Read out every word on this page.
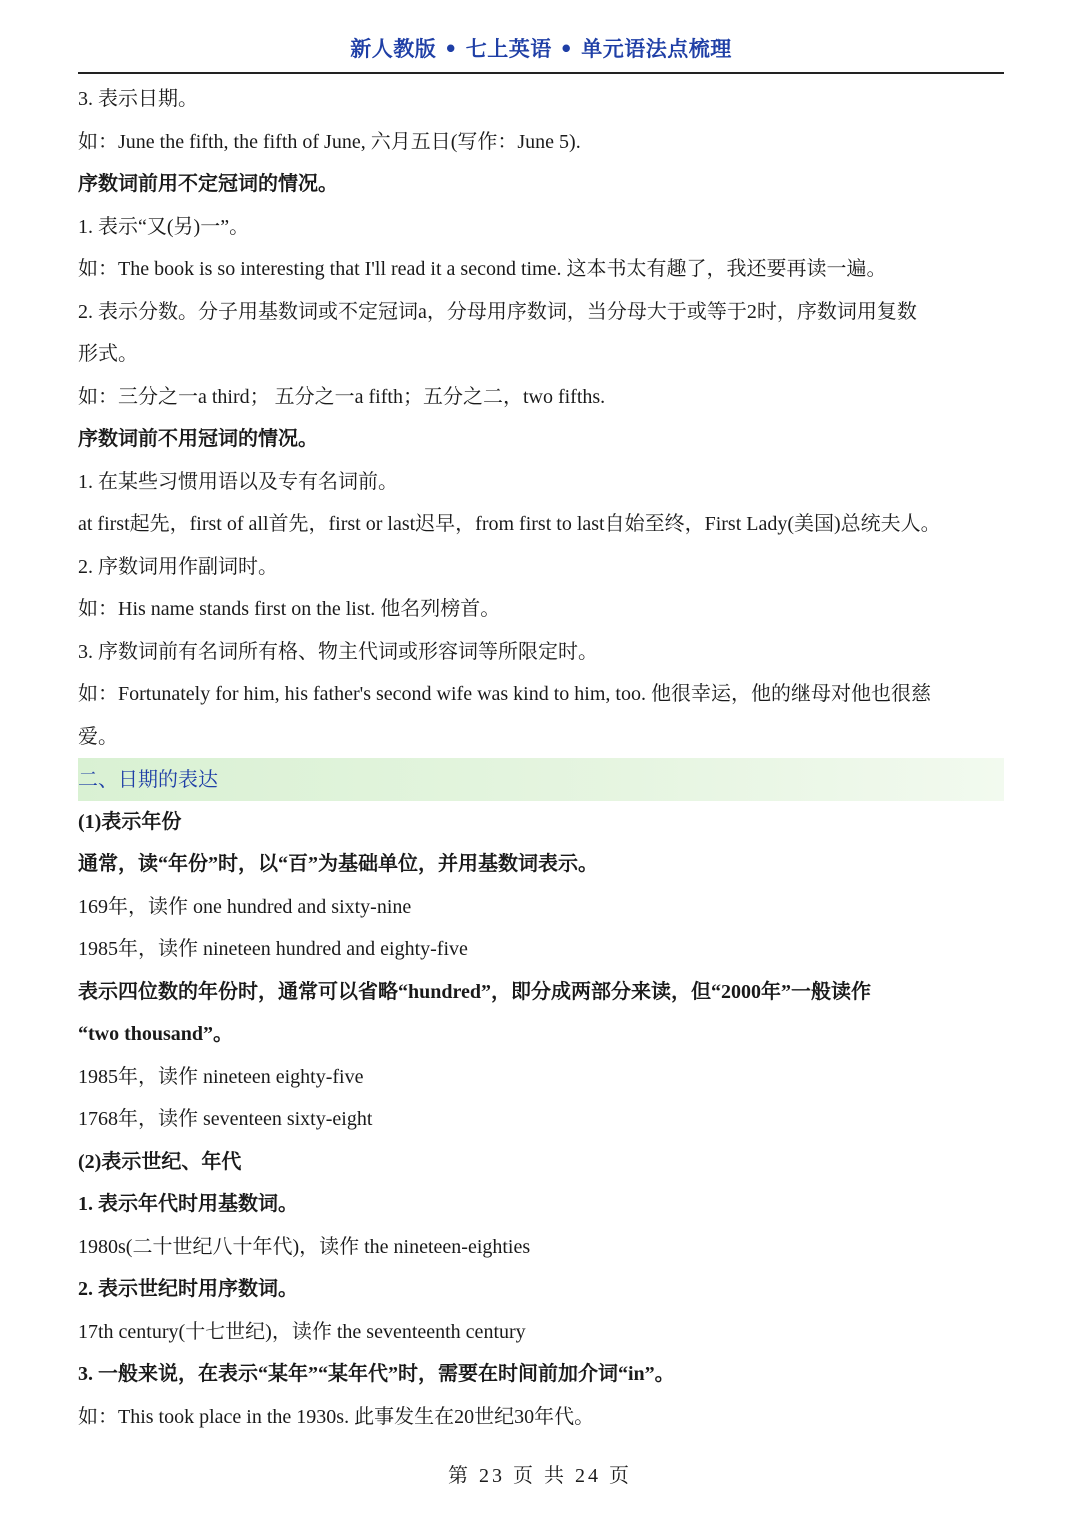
新人教版 • 七上英语 • 单元语法点梳理
3. 表示日期。
如：June the fifth, the fifth of June, 六月五日(写作：June 5).
序数词前用不定冠词的情况。
1. 表示“又(另)一”。
如：The book is so interesting that I'll read it a second time. 这本书太有趣了，我还要再读一遍。
2. 表示分数。分子用基数词或不定冠词a，分母用序数词，当分母大于或等于2时，序数词用复数
形式。
如：三分之一a third； 五分之一a fifth；五分之二，two fifths.
序数词前不用冠词的情况。
1. 在某些习惯用语以及专有名词前。
at first起先，first of all首先，first or last迟早，from first to last自始至终，First Lady(美国)总统夫人。
2. 序数词用作副词时。
如：His name stands first on the list. 他名列榜首。
3. 序数词前有名词所有格、物主代词或形容词等所限定时。
如：Fortunately for him, his father's second wife was kind to him, too. 他很幸运，他的继母对他也很慈
爱。
二、日期的表达
(1)表示年份
通常，读“年份”时，以“百”为基础单位，并用基数词表示。
169年，读作 one hundred and sixty-nine
1985年，读作 nineteen hundred and eighty-five
表示四位数的年份时，通常可以省略“hundred”，即分成两部分来读，但“2000年”一般读作
“two thousand”。
1985年，读作 nineteen eighty-five
1768年，读作 seventeen sixty-eight
(2)表示世纪、年代
1. 表示年代时用基数词。
1980s(二十世纪八十年代)，读作 the nineteen-eighties
2. 表示世纪时用序数词。
17th century(十七世纪)，读作 the seventeenth century
3. 一般来说，在表示“某年”“某年代”时，需要在时间前加介词“in”。
如：This took place in the 1930s. 此事发生在20世纪30年代。
第 23 页 共 24 页
